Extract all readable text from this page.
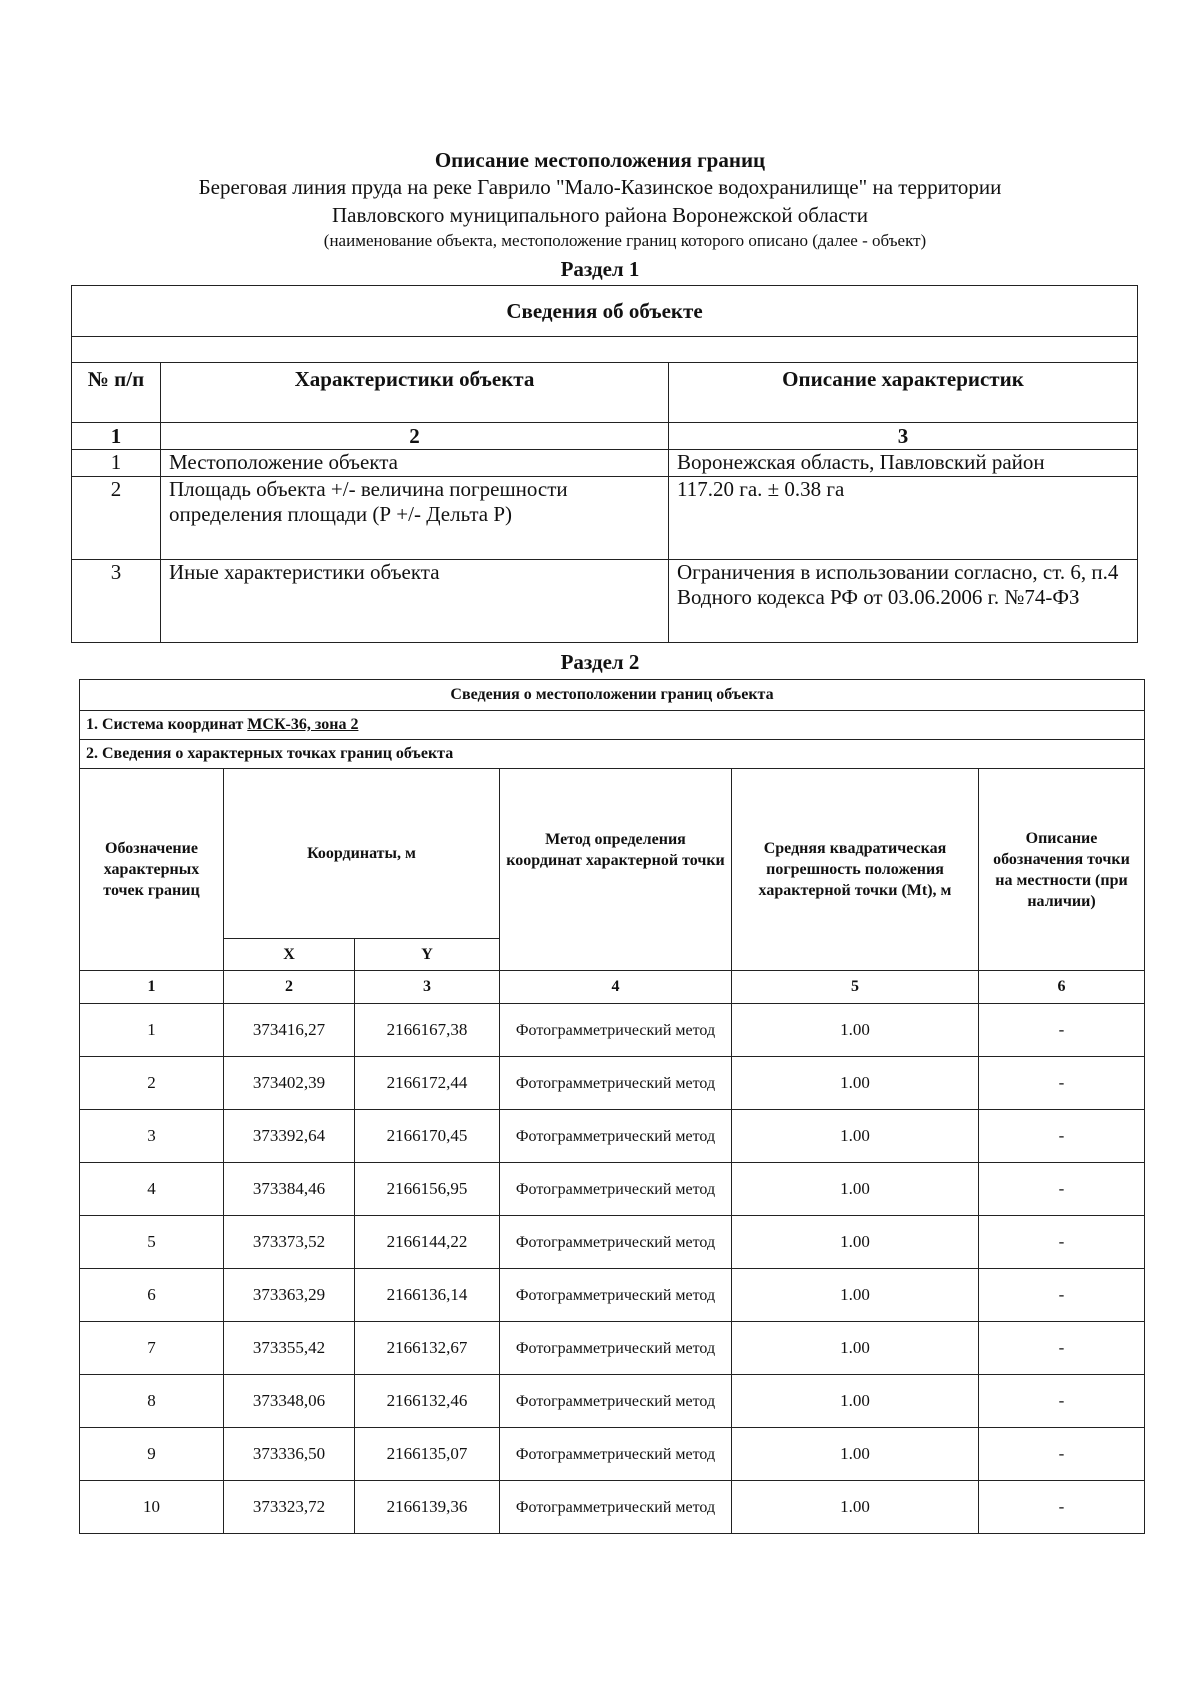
Описание местоположения границ
Береговая линия пруда на реке Гаврило "Мало-Казинское водохранилище" на территории
Павловского муниципального района Воронежской области
(наименование объекта, местоположение границ которого описано (далее - объект)
Раздел 1
Сведения об объекте		

№ п/п	Характеристики объекта	Описание характеристик
1	2	3
1	Местоположение объекта	Воронежская область, Павловский район
2	Площадь объекта +/- величина погрешности определения площади (Р +/- Дельта Р)	117.20 га. ± 0.38 га
3	Иные характеристики объекта	Ограничения в использовании согласно, ст. 6, п.4 Водного кодекса РФ от 03.06.2006 г. №74-ФЗ
Раздел 2
Сведения о местоположении границ объекта					
1. Система координат МСК-36, зона 2					
2. Сведения о характерных точках границ объекта					
Обозначение характерных точек границ	Координаты, м		Метод определения координат характерной точки	Средняя квадратическая погрешность положения характерной точки (Mt), м	Описание обозначения точки на местности (при наличии)
	X	Y			
1	2	3	4	5	6
1	373416,27	2166167,38	Фотограмметрический метод	1.00	-
2	373402,39	2166172,44	Фотограмметрический метод	1.00	-
3	373392,64	2166170,45	Фотограмметрический метод	1.00	-
4	373384,46	2166156,95	Фотограмметрический метод	1.00	-
5	373373,52	2166144,22	Фотограмметрический метод	1.00	-
6	373363,29	2166136,14	Фотограмметрический метод	1.00	-
7	373355,42	2166132,67	Фотограмметрический метод	1.00	-
8	373348,06	2166132,46	Фотограмметрический метод	1.00	-
9	373336,50	2166135,07	Фотограмметрический метод	1.00	-
10	373323,72	2166139,36	Фотограмметрический метод	1.00	-
